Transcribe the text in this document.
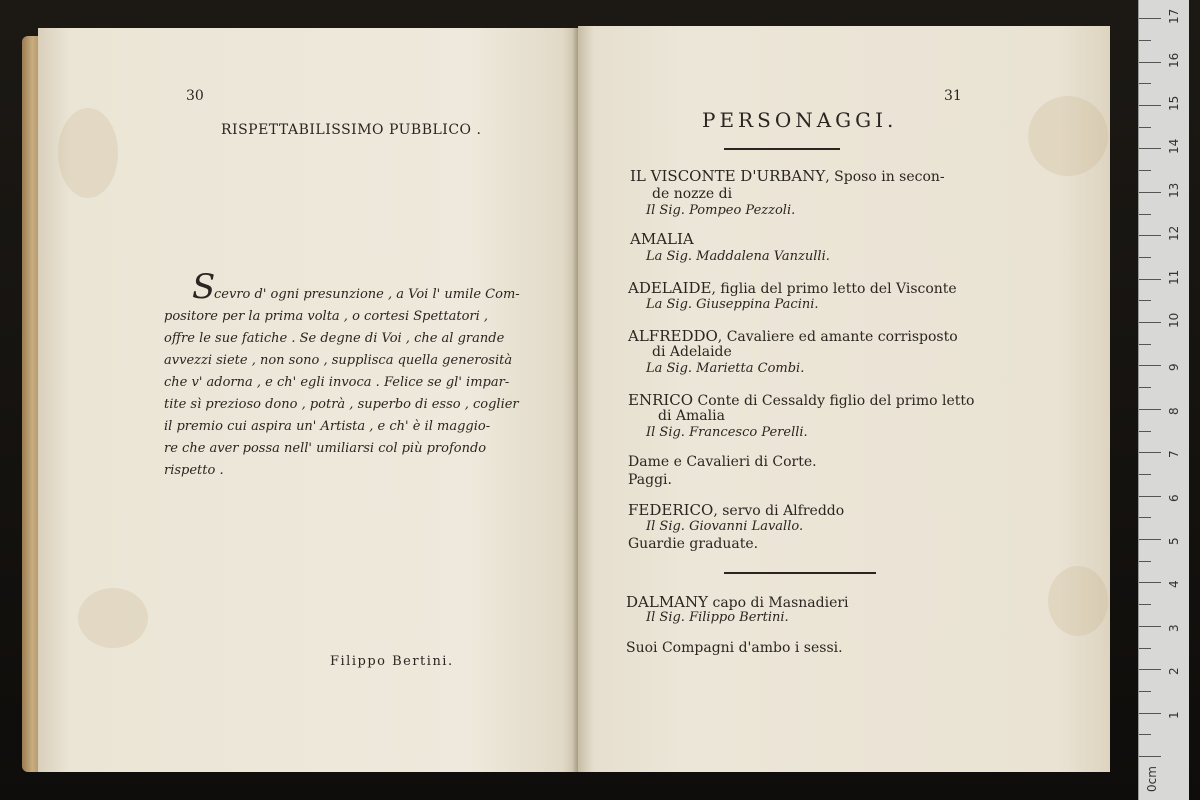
30
RISPETTABILISSIMO PUBBLICO .
S
cevro d' ogni presunzione , a Voi l' umile Com-
positore per la prima volta , o cortesi Spettatori ,
offre le sue fatiche . Se degne di Voi , che al grande
avvezzi siete , non sono , supplisca quella generosità
che v' adorna , e ch' egli invoca . Felice se gl' impar-
tite sì prezioso dono , potrà , superbo di esso , coglier
il premio cui aspira un' Artista , e ch' è il maggio-
re che aver possa nell' umiliarsi col più profondo
rispetto .
Filippo Bertini.
31
PERSONAGGI.
IL VISCONTE D'URBANY, Sposo in secon-
de nozze di
Il Sig. Pompeo Pezzoli.
AMALIA
La Sig. Maddalena Vanzulli.
ADELAIDE, figlia del primo letto del Visconte
La Sig. Giuseppina Pacini.
ALFREDDO, Cavaliere ed amante corrisposto
di Adelaide
La Sig. Marietta Combi.
ENRICO Conte di Cessaldy figlio del primo letto
di Amalia
Il Sig. Francesco Perelli.
Dame e Cavalieri di Corte.
Paggi.
FEDERICO, servo di Alfreddo
Il Sig. Giovanni Lavallo.
Guardie graduate.
DALMANY capo di Masnadieri
Il Sig. Filippo Bertini.
Suoi Compagni d'ambo i sessi.
0cm
1
2
3
4
5
6
7
8
9
10
11
12
13
14
15
16
17
